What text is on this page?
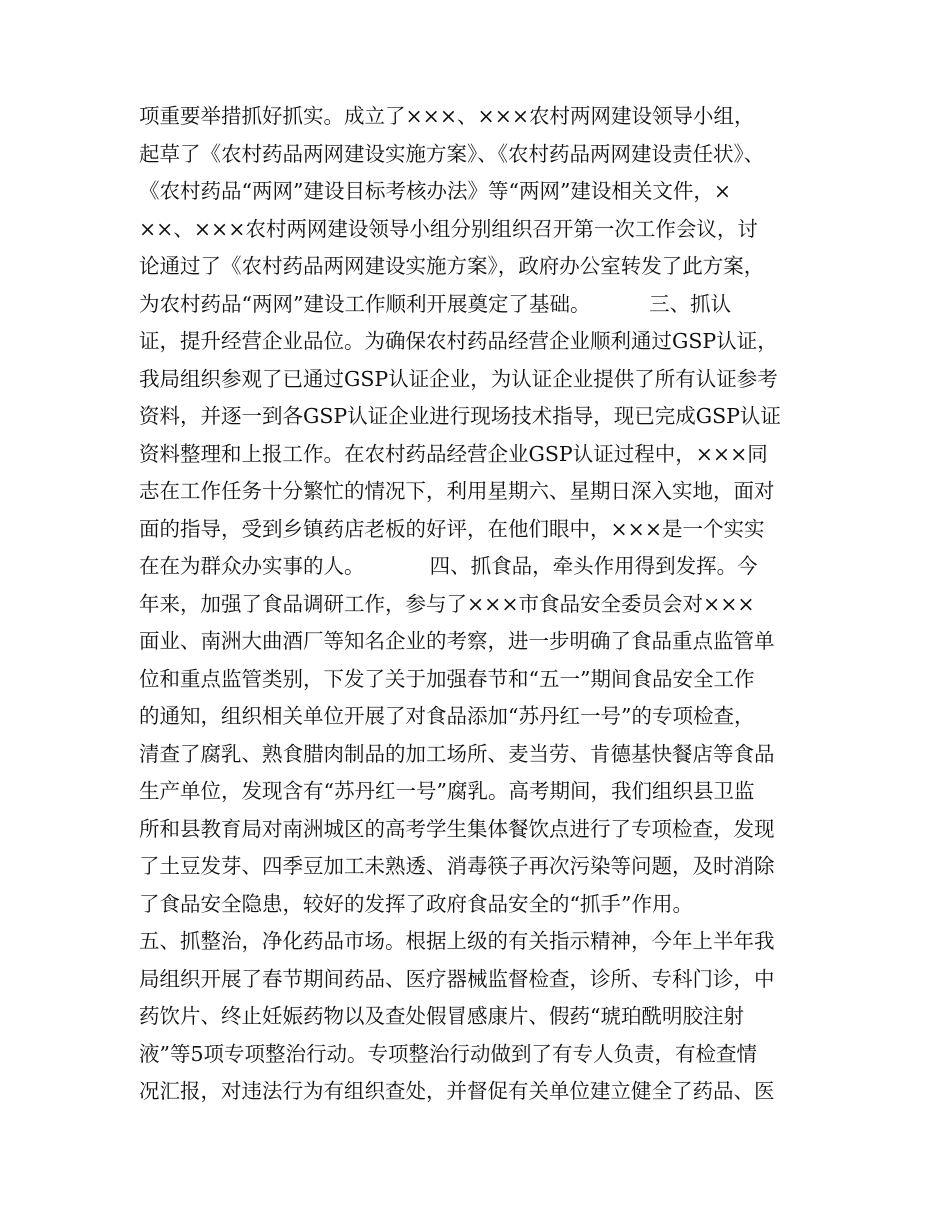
项重要举措抓好抓实。成立了×××、×××农村两网建设领导小组，
起草了《农村药品两网建设实施方案》、《农村药品两网建设责任状》、
《农村药品“两网”建设目标考核办法》等“两网”建设相关文件，×
××、×××农村两网建设领导小组分别组织召开第一次工作会议，讨
论通过了《农村药品两网建设实施方案》，政府办公室转发了此方案，
为农村药品“两网”建设工作顺利开展奠定了基础。         三、抓认
证，提升经营企业品位。为确保农村药品经营企业顺利通过GSP认证，
我局组织参观了已通过GSP认证企业，为认证企业提供了所有认证参考
资料，并逐一到各GSP认证企业进行现场技术指导，现已完成GSP认证
资料整理和上报工作。在农村药品经营企业GSP认证过程中，×××同
志在工作任务十分繁忙的情况下，利用星期六、星期日深入实地，面对
面的指导，受到乡镇药店老板的好评，在他们眼中，×××是一个实实
在在为群众办实事的人。          四、抓食品，牵头作用得到发挥。今
年来，加强了食品调研工作，参与了×××市食品安全委员会对×××
面业、南洲大曲酒厂等知名企业的考察，进一步明确了食品重点监管单
位和重点监管类别，下发了关于加强春节和“五一”期间食品安全工作
的通知，组织相关单位开展了对食品添加“苏丹红一号”的专项检查，
清查了腐乳、熟食腊肉制品的加工场所、麦当劳、肯德基快餐店等食品
生产单位，发现含有“苏丹红一号”腐乳。高考期间，我们组织县卫监
所和县教育局对南洲城区的高考学生集体餐饮点进行了专项检查，发现
了土豆发芽、四季豆加工未熟透、消毒筷子再次污染等问题，及时消除
了食品安全隐患，较好的发挥了政府食品安全的“抓手”作用。
五、抓整治，净化药品市场。根据上级的有关指示精神，今年上半年我
局组织开展了春节期间药品、医疗器械监督检查，诊所、专科门诊，中
药饮片、终止妊娠药物以及查处假冒感康片、假药“琥珀酰明胶注射
液”等5项专项整治行动。专项整治行动做到了有专人负责，有检查情
况汇报，对违法行为有组织查处，并督促有关单位建立健全了药品、医
